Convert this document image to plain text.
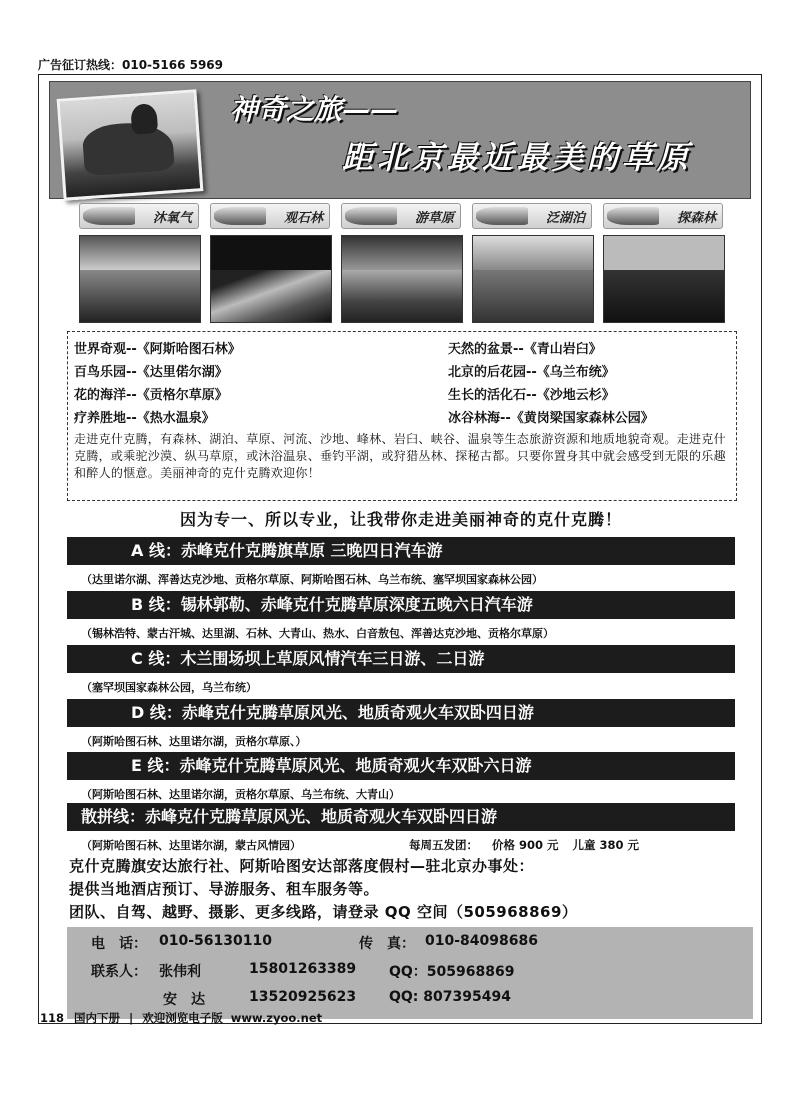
广告征订热线：010-5166 5969
神奇之旅——
距北京最近最美的草原
沐氧气	观石林	游草原	泛湖泊	探森林
世界奇观--《阿斯哈图石林》	天然的盆景--《青山岩臼》
百鸟乐园--《达里偌尔湖》	北京的后花园--《乌兰布统》
花的海洋--《贡格尔草原》	生长的活化石--《沙地云杉》
疗养胜地--《热水温泉》	冰谷林海--《黄岗梁国家森林公园》
走进克什克腾，有森林、湖泊、草原、河流、沙地、峰林、岩臼、峡谷、温泉等生态旅游资源和地质地貌奇观。走进克什克腾，或乘驼沙漠、纵马草原，或沐浴温泉、垂钓平湖，或狩猎丛林、探秘古都。只要你置身其中就会感受到无限的乐趣和醉人的惬意。美丽神奇的克什克腾欢迎你！
因为专一、所以专业，让我带你走进美丽神奇的克什克腾！
A 线：赤峰克什克腾旗草原 三晚四日汽车游
（达里诺尔湖、浑善达克沙地、贡格尔草原、阿斯哈图石林、乌兰布统、塞罕坝国家森林公园）
B 线：锡林郭勒、赤峰克什克腾草原深度五晚六日汽车游
（锡林浩特、蒙古汗城、达里湖、石林、大青山、热水、白音敖包、浑善达克沙地、贡格尔草原）
C 线：木兰围场坝上草原风情汽车三日游、二日游
（塞罕坝国家森林公园，乌兰布统）
D 线：赤峰克什克腾草原风光、地质奇观火车双卧四日游
（阿斯哈图石林、达里诺尔湖，贡格尔草原、）
E 线：赤峰克什克腾草原风光、地质奇观火车双卧六日游
（阿斯哈图石林、达里诺尔湖，贡格尔草原、乌兰布统、大青山）
散拼线：赤峰克什克腾草原风光、地质奇观火车双卧四日游
（阿斯哈图石林、达里诺尔湖，蒙古风情园）	每周五发团： 价格 900 元 儿童 380 元
克什克腾旗安达旅行社、阿斯哈图安达部落度假村—驻北京办事处：
提供当地酒店预订、导游服务、租车服务等。
团队、自驾、越野、摄影、更多线路，请登录 QQ 空间（505968869）
电　话： 010-56130110	传　真： 010-84098686
联系人： 张伟利	15801263389 QQ：505968869
安　达	13520925623 QQ: 807395494
118 国内下册 | 欢迎浏览电子版 www.zyoo.net
